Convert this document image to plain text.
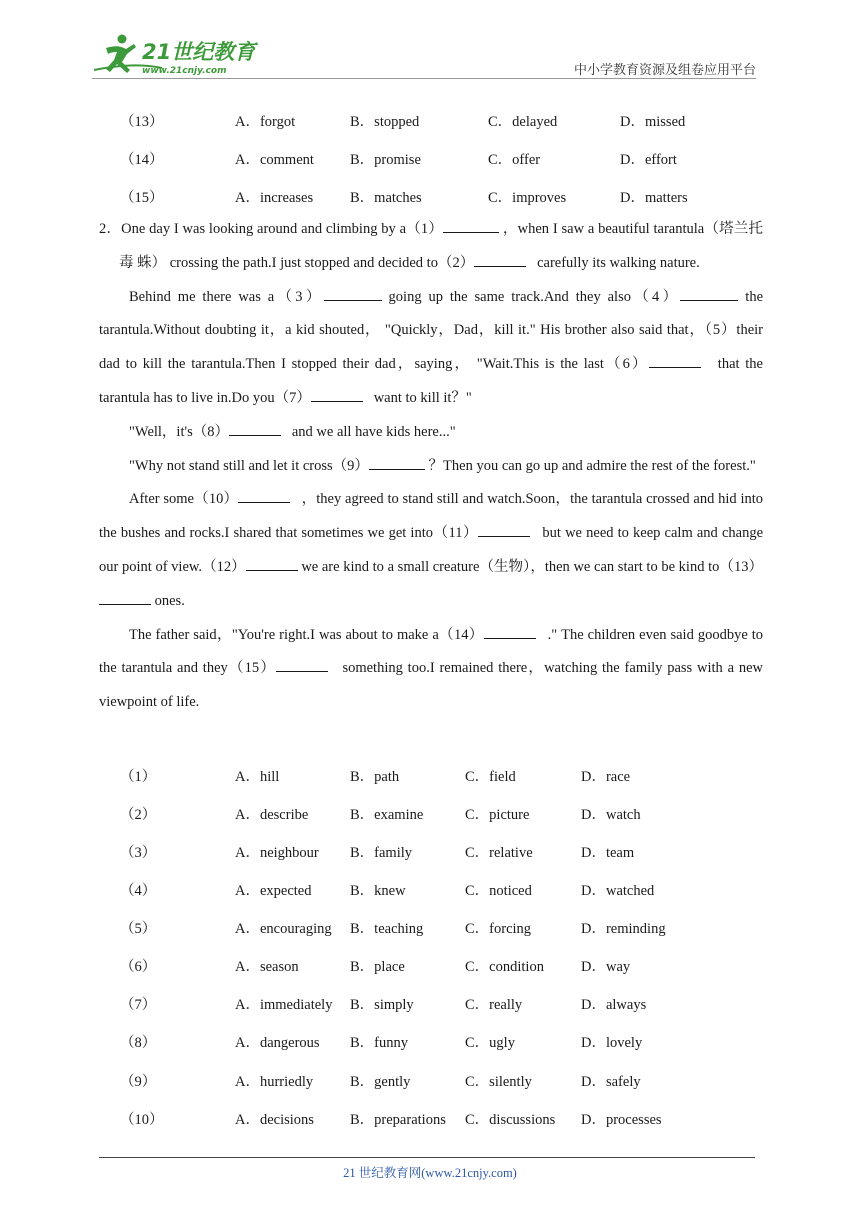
21世纪教育
www.21cnjy.com	中小学教育资源及组卷应用平台
（13）	A．forgot	B．stopped	C．delayed	D．missed
（14）	A．comment B．promise	C．offer	D．effort
（15）	A．increases	B．matches	C．improves	D．matters

2．One day I was looking around and climbing by a（1）	，when I saw a beautiful tarantula（塔兰托毒 蛛） crossing the path.I just stopped and decided to（2）	carefully its walking nature.

Behind me there was a（3）	going up the same track.And they also（4）	the tarantula.Without doubting it，a kid shouted， "Quickly，Dad，kill it." His brother also said that，（5）their dad to kill the tarantula.Then I stopped their dad，saying， "Wait.This is the last（6）	that the tarantula has to live in.Do you（7）	want to kill it？"

"Well，it's（8）	and we all have kids here..."

"Why not stand still and let it cross（9）	？Then you can go up and admire the rest of the forest."

After some（10）	，they agreed to stand still and watch.Soon，the tarantula crossed and hid into the bushes and rocks.I shared that sometimes we get into（11）	but we need to keep calm and change our point of view.（12）	we are kind to a small creature（生物），then we can start to be kind to（13） ones.

The father said，"You're right.I was about to make a（14）	." The children even said goodbye to the tarantula and they（15）	something too.I remained there，watching the family pass with a new viewpoint of life.

（1）	A．hill	B．path	C．field	D．race
（2）	A．describe	B．examine	C．picture	D．watch
（3）	A．neighbour B．family	C．relative	D．team
（4）	A．expected	B．knew	C．noticed	D．watched
（5）	A．encouraging B．teaching	C．forcing	D．reminding
（6）	A．season	B．place	C．condition	D．way
（7）	A．immediately B．simply	C．really	D．always
（8）	A．dangerous B．funny	C．ugly	D．lovely
（9）	A．hurriedly	B．gently	C．silently	D．safely
（10）	A．decisions B．preparations C．discussions D．processes
21 世纪教育网(www.21cnjy.com)
